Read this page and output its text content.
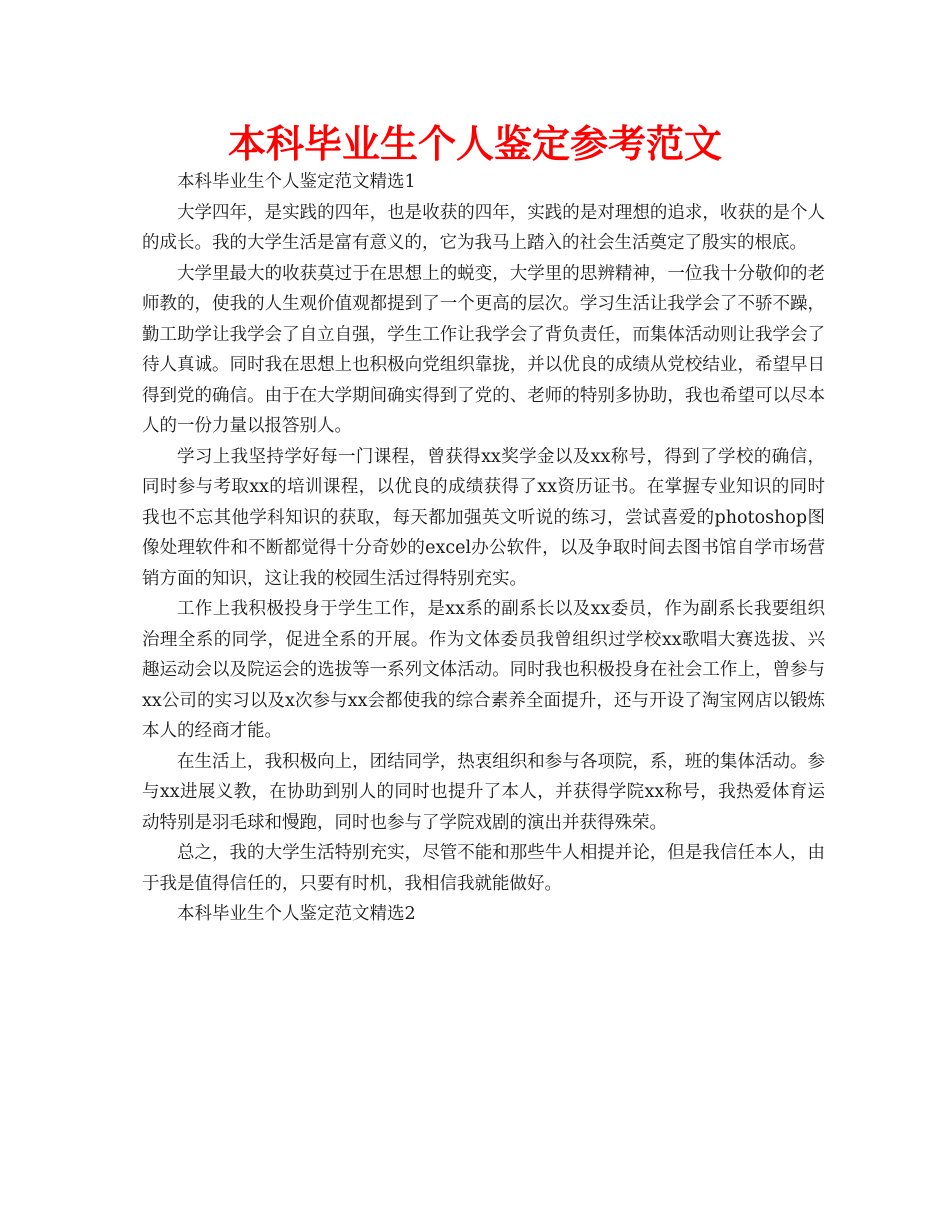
本科毕业生个人鉴定参考范文

本科毕业生个人鉴定范文精选1

大学四年，是实践的四年，也是收获的四年，实践的是对理想的追求，收获的是个人的成长。我的大学生活是富有意义的，它为我马上踏入的社会生活奠定了殷实的根底。

大学里最大的收获莫过于在思想上的蜕变，大学里的思辨精神，一位我十分敬仰的老师教的，使我的人生观价值观都提到了一个更高的层次。学习生活让我学会了不骄不躁，勤工助学让我学会了自立自强，学生工作让我学会了背负责任，而集体活动则让我学会了待人真诚。同时我在思想上也积极向党组织靠拢，并以优良的成绩从党校结业，希望早日得到党的确信。由于在大学期间确实得到了党的、老师的特别多协助，我也希望可以尽本人的一份力量以报答别人。

学习上我坚持学好每一门课程，曾获得xx奖学金以及xx称号，得到了学校的确信，同时参与考取xx的培训课程，以优良的成绩获得了xx资历证书。在掌握专业知识的同时我也不忘其他学科知识的获取，每天都加强英文听说的练习，尝试喜爱的photoshop图像处理软件和不断都觉得十分奇妙的excel办公软件，以及争取时间去图书馆自学市场营销方面的知识，这让我的校园生活过得特别充实。

工作上我积极投身于学生工作，是xx系的副系长以及xx委员，作为副系长我要组织治理全系的同学，促进全系的开展。作为文体委员我曾组织过学校xx歌唱大赛选拔、兴趣运动会以及院运会的选拔等一系列文体活动。同时我也积极投身在社会工作上，曾参与xx公司的实习以及x次参与xx会都使我的综合素养全面提升，还与开设了淘宝网店以锻炼本人的经商才能。

在生活上，我积极向上，团结同学，热衷组织和参与各项院，系，班的集体活动。参与xx进展义教，在协助到别人的同时也提升了本人，并获得学院xx称号，我热爱体育运动特别是羽毛球和慢跑，同时也参与了学院戏剧的演出并获得殊荣。

总之，我的大学生活特别充实，尽管不能和那些牛人相提并论，但是我信任本人，由于我是值得信任的，只要有时机，我相信我就能做好。

本科毕业生个人鉴定范文精选2
